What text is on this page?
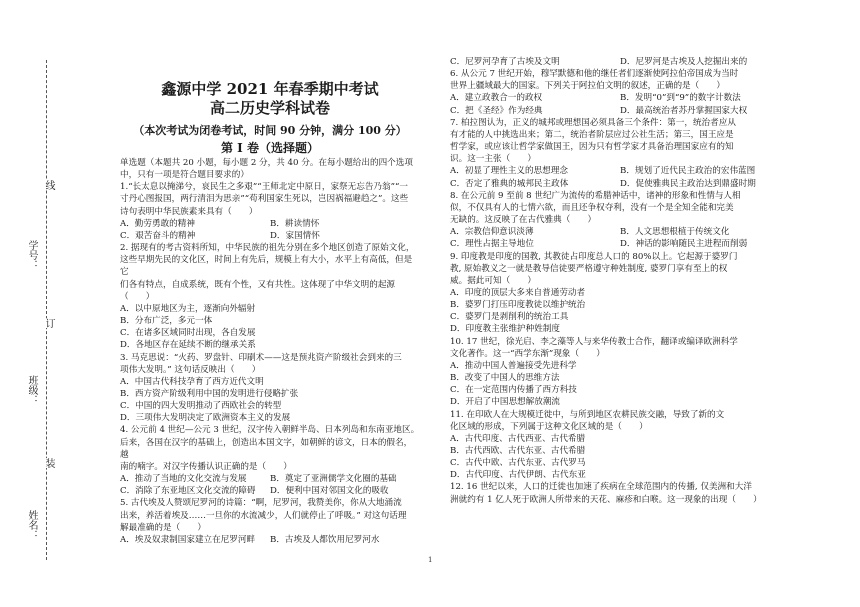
线
学号：
订
班级：
装
姓名：

鑫源中学 2021 年春季期中考试

高二历史学科试卷

（本次考试为闭卷考试，时间 90 分钟，满分 100 分）

第 I 卷（选择题）

单选题（本题共 20 小题，每小题 2 分，共 40 分。在每小题给出的四个选项

中，只有一项是符合题目要求的）

1.“长太息以掩涕兮，哀民生之多艰”“王师北定中原日，家祭无忘告乃翁”“一

寸丹心图报国，两行清泪为思亲”“苟利国家生死以，岂因祸福避趋之”。这些

诗句表明中华民族素来具有（　　）

A．勤劳勇敢的精神	B．耕读情怀
C．艰苦奋斗的精神	D．家国情怀

2. 据现有的考古资料所知，中华民族的祖先分别在多个地区创造了原始文化，

这些早期先民的文化区，时间上有先后，规模上有大小，水平上有高低，但是它

们各有特点，自成系统，既有个性，又有共性。这体现了中华文明的起源（　　）

A．以中原地区为主，逐渐向外辐射

B．分布广泛，多元一体

C．在诸多区域同时出现，各自发展

D．各地区存在延续不断的继承关系

3. 马克思说：“火药、罗盘针、印刷术——这是预兆资产阶级社会到来的三

项伟大发明。” 这句话反映出（　　）

A．中国古代科技孕育了西方近代文明

B．西方资产阶级利用中国的发明进行侵略扩张

C．中国的四大发明推动了西欧社会的转型

D．三项伟大发明决定了欧洲资本主义的发展

4. 公元前 4 世纪—公元 3 世纪，汉字传入朝鲜半岛、日本列岛和东南亚地区。

后来，各国在汉字的基础上，创造出本国文字，如朝鲜的谚文，日本的假名，越

南的喃字。对汉字传播认识正确的是（　　）

A．推动了当地的文化交流与发展	B．奠定了亚洲儒学文化圈的基础
C．消除了东亚地区文化交流的障碍	D．便利中国对邻国文化的吸收

5. 古代埃及人赞颂尼罗河的诗篇：“啊，尼罗河，我赞美你，你从大地涌流

出来，养活着埃及……一旦你的水流减少，人们就停止了呼吸。” 对这句话理

解最准确的是（　　）

A．埃及奴隶制国家建立在尼罗河畔	B．古埃及人都饮用尼罗河水
C．尼罗河孕育了古埃及文明	D．尼罗河是古埃及人挖掘出来的

6. 从公元 7 世纪开始，穆罕默德和他的继任者们逐渐使阿拉伯帝国成为当时

世界上疆域最大的国家。下列关于阿拉伯文明的叙述，正确的是（　　）

A．建立政教合一的政权	B．发明“0”到“9”的数字计数法
C．把《圣经》作为经典	D．最高统治者苏丹掌握国家大权

7. 柏拉图认为，正义的城邦或理想国必须具备三个条件：第一，统治者应从

有才能的人中挑选出来；第二，统治者阶层应过公社生活；第三，国王应是

哲学家，或应该让哲学家做国王，因为只有哲学家才具备治理国家应有的知

识。这一主张（　　）

A．初显了理性主义的思想理念	B．规划了近代民主政治的宏伟蓝图
C．否定了雅典的城邦民主政体	D．促使雅典民主政治达到鼎盛时期

8. 在公元前 9 至前 8 世纪广为流传的希腊神话中，诸神的形象和性情与人相

似，不仅具有人的七情六欲，而且还争权夺利，没有一个是全知全能和完美

无缺的。这反映了在古代雅典（　　）

A．宗教信仰意识淡薄	B．人文思想根植于传统文化
C．理性占据主导地位	D．神话的影响随民主进程而削弱

9. 印度教是印度的国教, 其教徒占印度总人口的 80%以上。它起源于婆罗门

教, 原始教义之一就是教导信徒要严格遵守种姓制度, 婆罗门享有至上的权

威。据此可知（　　）

A．印度的顶层大多来自普通劳动者

B．婆罗门打压印度教徒以维护统治

C．婆罗门是剥削利的统治工具

D．印度教主张维护种姓制度

10. 17 世纪，徐光启、李之藻等人与来华传教士合作，翻译或编译欧洲科学

文化著作。这一“西学东渐”现象（　　）

A．推动中国人普遍接受先进科学

B．改变了中国人的思维方法

C．在一定范围内传播了西方科技

D．开启了中国思想解放潮流

11. 在印欧人在大规模迁徙中，与所到地区农耕民族交融，导致了新的文

化区域的形成，下列属于这种文化区域的是（　　）

A．古代印度、古代西亚、古代希腊

B．古代西欧、古代东亚、古代希腊

C．古代中欧、古代东亚、古代罗马

D．古代印度、古代伊朗、古代东亚

12. 16 世纪以来，人口的迁徙也加速了疾病在全球范围内的传播, 仅美洲和大洋

洲就约有 1 亿人死于欧洲人所带来的天花、麻疹和白喉。这一现象的出现（　　）

1
